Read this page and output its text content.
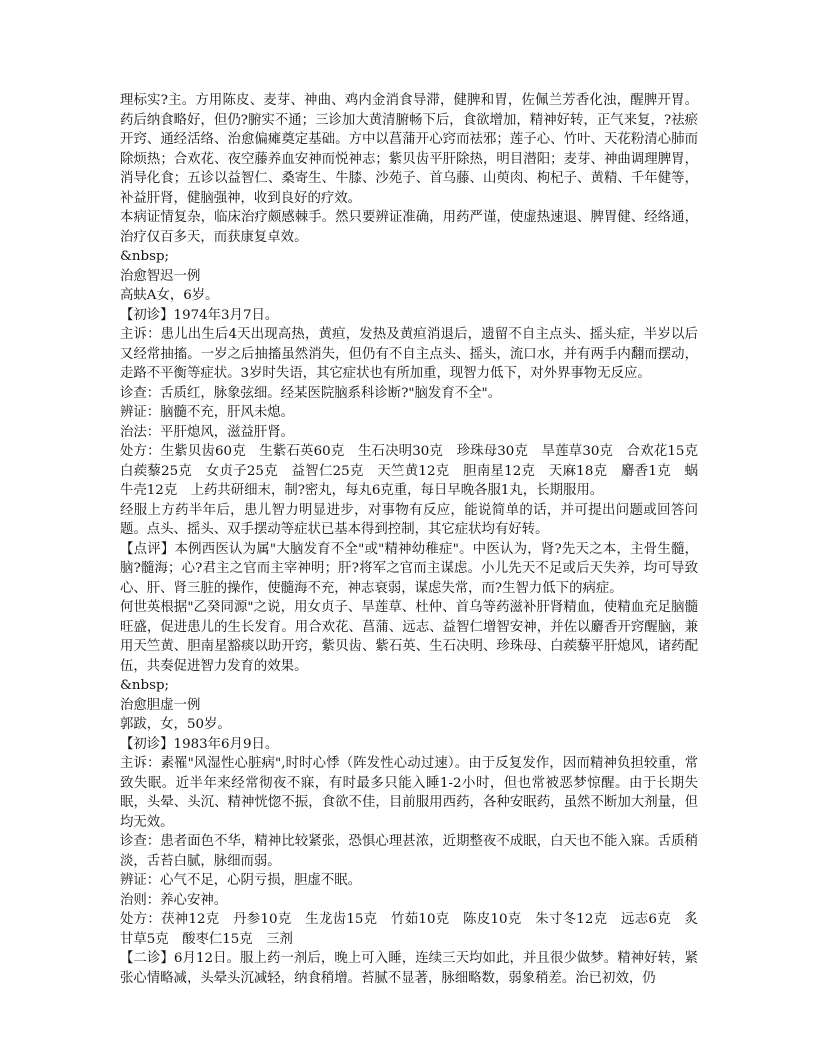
理标实?主。方用陈皮、麦芽、神曲、鸡内金消食导滞，健脾和胃，佐佩兰芳香化浊，醒脾开胃。药后纳食略好，但仍?腑实不通；三诊加大黄清腑畅下后，食欲增加，精神好转，正气来复，?祛瘀开窍、通经活络、治愈偏瘫奠定基础。方中以菖蒲开心窍而祛邪；莲子心、竹叶、天花粉清心肺而除烦热；合欢花、夜空藤养血安神而悦神志；紫贝齿平肝除热，明目潜阳；麦芽、神曲调理脾胃，消导化食；五诊以益智仁、桑寄生、牛膝、沙苑子、首乌藤、山萸肉、枸杞子、黄精、千年健等，补益肝肾，健脑强神，收到良好的疗效。

本病证情复杂，临床治疗颇感棘手。然只要辨证准确，用药严谨，使虚热速退、脾胃健、经络通，治疗仅百多天，而获康复卓效。

&nbsp;

治愈智迟一例

高蚨A女，6岁。

【初诊】1974年3月7日。

主诉：患儿出生后4天出现高热，黄疸，发热及黄疸消退后，遗留不自主点头、摇头症，半岁以后又经常抽搐。一岁之后抽搐虽然消失，但仍有不自主点头、摇头，流口水，并有两手内翻而摆动，走路不平衡等症状。3岁时失语，其它症状也有所加重，现智力低下，对外界事物无反应。

诊查：舌质红，脉象弦细。经某医院脑系科诊断?"脑发育不全"。

辨证：脑髓不充，肝风未熄。

治法：平肝熄风，滋益肝肾。

处方：生紫贝齿60克　生紫石英60克　生石决明30克　珍珠母30克　旱莲草30克　合欢花15克　白蒺藜25克　女贞子25克　益智仁25克　天竺黄12克　胆南星12克　天麻18克　麝香1克　蜗牛壳12克　上药共研细末，制?密丸，每丸6克重，每日早晚各服1丸，长期服用。

经服上方药半年后，患儿智力明显进步，对事物有反应，能说简单的话，并可提出问题或回答问题。点头、摇头、双手摆动等症状已基本得到控制，其它症状均有好转。

【点评】本例西医认为属"大脑发育不全"或"精神幼稚症"。中医认为，肾?先天之本，主骨生髓，脑?髓海；心?君主之官而主宰神明；肝?将军之官而主谋虑。小儿先天不足或后天失养，均可导致心、肝、肾三脏的操作，使髓海不充，神志衰弱，谋虑失常，而?生智力低下的病症。

何世英根据"乙癸同源"之说，用女贞子、旱莲草、杜仲、首乌等药滋补肝肾精血，使精血充足脑髓旺盛，促进患儿的生长发育。用合欢花、菖蒲、远志、益智仁增智安神，并佐以麝香开窍醒脑，兼用天竺黄、胆南星豁痰以助开窍，紫贝齿、紫石英、生石决明、珍珠母、白蒺藜平肝熄风，诸药配伍，共奏促进智力发育的效果。

&nbsp;

治愈胆虚一例

郭跋，女，50岁。

【初诊】1983年6月9日。

主诉：素罹"风湿性心脏病",时时心悸（阵发性心动过速）。由于反复发作，因而精神负担较重，常致失眠。近半年来经常彻夜不寐，有时最多只能入睡1-2小时，但也常被恶梦惊醒。由于长期失眠，头晕、头沉、精神恍惚不振，食欲不佳，目前服用西药，各种安眠药，虽然不断加大剂量，但均无效。

诊查：患者面色不华，精神比较紧张，恐惧心理甚浓，近期整夜不成眠，白天也不能入寐。舌质稍淡，舌苔白腻，脉细而弱。

辨证：心气不足，心阴亏损，胆虚不眠。

治则：养心安神。

处方：茯神12克　丹参10克　生龙齿15克　竹茹10克　陈皮10克　朱寸冬12克　远志6克　炙甘草5克　酸枣仁15克　三剂

【二诊】6月12日。服上药一剂后，晚上可入睡，连续三天均如此，并且很少做梦。精神好转，紧张心情略减，头晕头沉减轻，纳食稍增。苔腻不显著，脉细略数，弱象稍差。治已初效，仍
